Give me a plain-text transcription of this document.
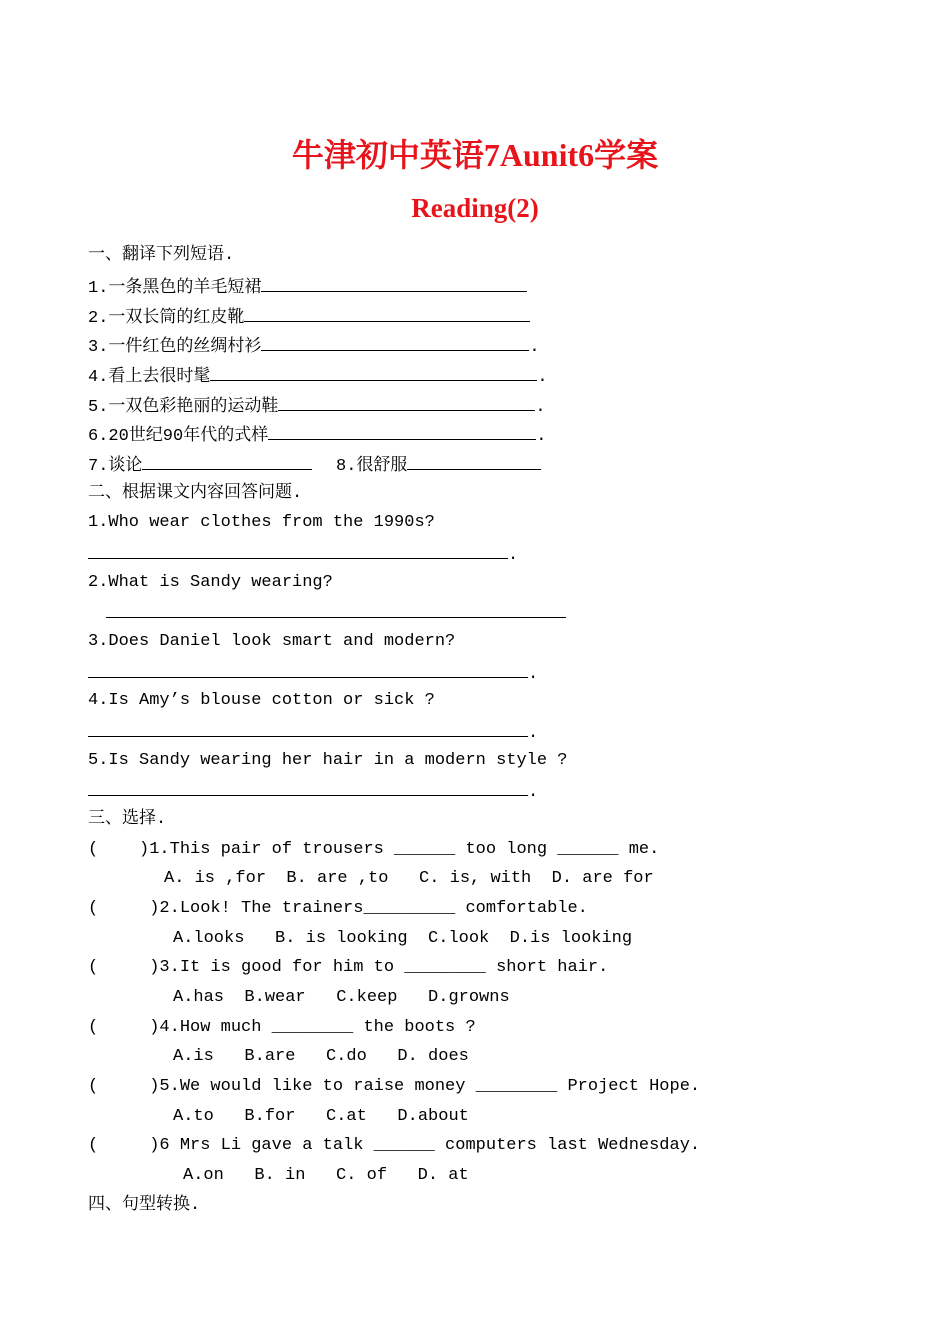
牛津初中英语7Aunit6学案
Reading(2)
一、翻译下列短语.
1.一条黑色的羊毛短裙
2.一双长筒的红皮靴
3.一件红色的丝绸村衫	.
4.看上去很时髦	.
5.一双色彩艳丽的运动鞋	.
6.20世纪90年代的式样	.
7.谈论	8.很舒服
二、根据课文内容回答问题.
1.Who wear clothes from the 1990s?
.
2.What is Sandy wearing?
3.Does Daniel look smart and modern?
.
4.Is Amy’s blouse cotton or sick ?
.
5.Is Sandy wearing her hair in a modern style ?
.
三、选择.
(    )1.This pair of trousers ______ too long ______ me.
A. is ,for  B. are ,to   C. is, with  D. are for
(     )2.Look! The trainers_________ comfortable.
A.looks   B. is looking  C.look  D.is looking
(     )3.It is good for him to ________ short hair.
A.has  B.wear   C.keep   D.growns
(     )4.How much ________ the boots ?
A.is   B.are   C.do   D. does
(     )5.We would like to raise money ________ Project Hope.
A.to   B.for   C.at   D.about
(     )6 Mrs Li gave a talk ______ computers last Wednesday.
A.on   B. in   C. of   D. at
四、句型转换.
